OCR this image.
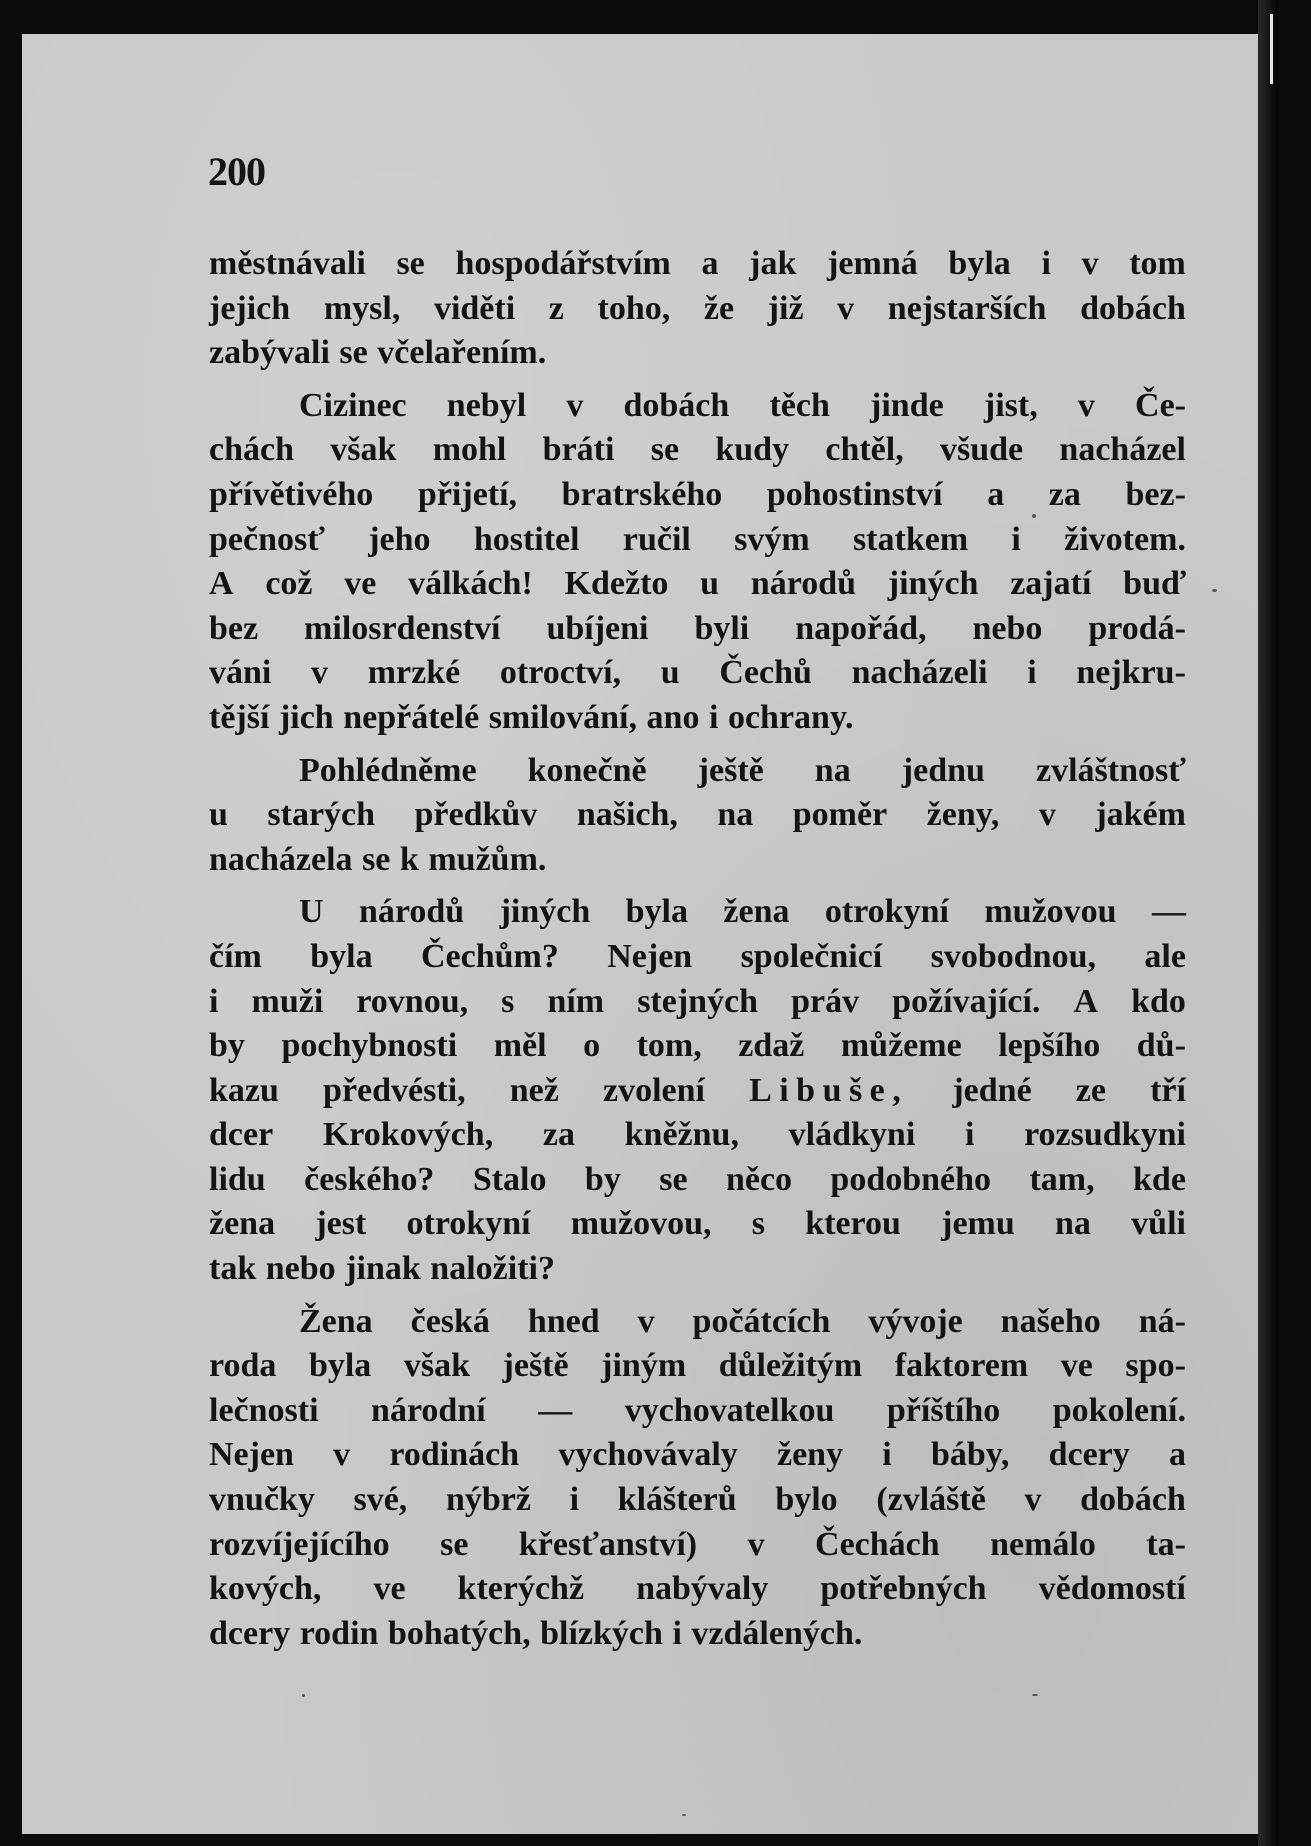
200
městnávali se hospodářstvím a jak jemná byla i v tom
jejich mysl, viděti z toho, že již v nejstarších dobách
zabývali se včelařením.
Cizinec nebyl v dobách těch jinde jist, v Če-
chách však mohl bráti se kudy chtěl, všude nacházel
přívětivého přijetí, bratrského pohostinství a za bez-
pečnosť jeho hostitel ručil svým statkem i životem.
A což ve válkách! Kdežto u národů jiných zajatí buď
bez milosrdenství ubíjeni byli napořád, nebo prodá-
váni v mrzké otroctví, u Čechů nacházeli i nejkru-
tější jich nepřátelé smilování, ano i ochrany.
Pohlédněme konečně ještě na jednu zvláštnosť
u starých předkův našich, na poměr ženy, v jakém
nacházela se k mužům.
U národů jiných byla žena otrokyní mužovou —
čím byla Čechům? Nejen společnicí svobodnou, ale
i muži rovnou, s ním stejných práv požívající. A kdo
by pochybnosti měl o tom, zdaž můžeme lepšího dů-
kazu předvésti, než zvolení Libuše, jedné ze tří
dcer Krokových, za kněžnu, vládkyni i rozsudkyni
lidu českého? Stalo by se něco podobného tam, kde
žena jest otrokyní mužovou, s kterou jemu na vůli
tak nebo jinak naložiti?
Žena česká hned v počátcích vývoje našeho ná-
roda byla však ještě jiným důležitým faktorem ve spo-
lečnosti národní — vychovatelkou příštího pokolení.
Nejen v rodinách vychovávaly ženy i báby, dcery a
vnučky své, nýbrž i klášterů bylo (zvláště v dobách
rozvíjejícího se křesťanství) v Čechách nemálo ta-
kových, ve kterýchž nabývaly potřebných vědomostí
dcery rodin bohatých, blízkých i vzdálených.
